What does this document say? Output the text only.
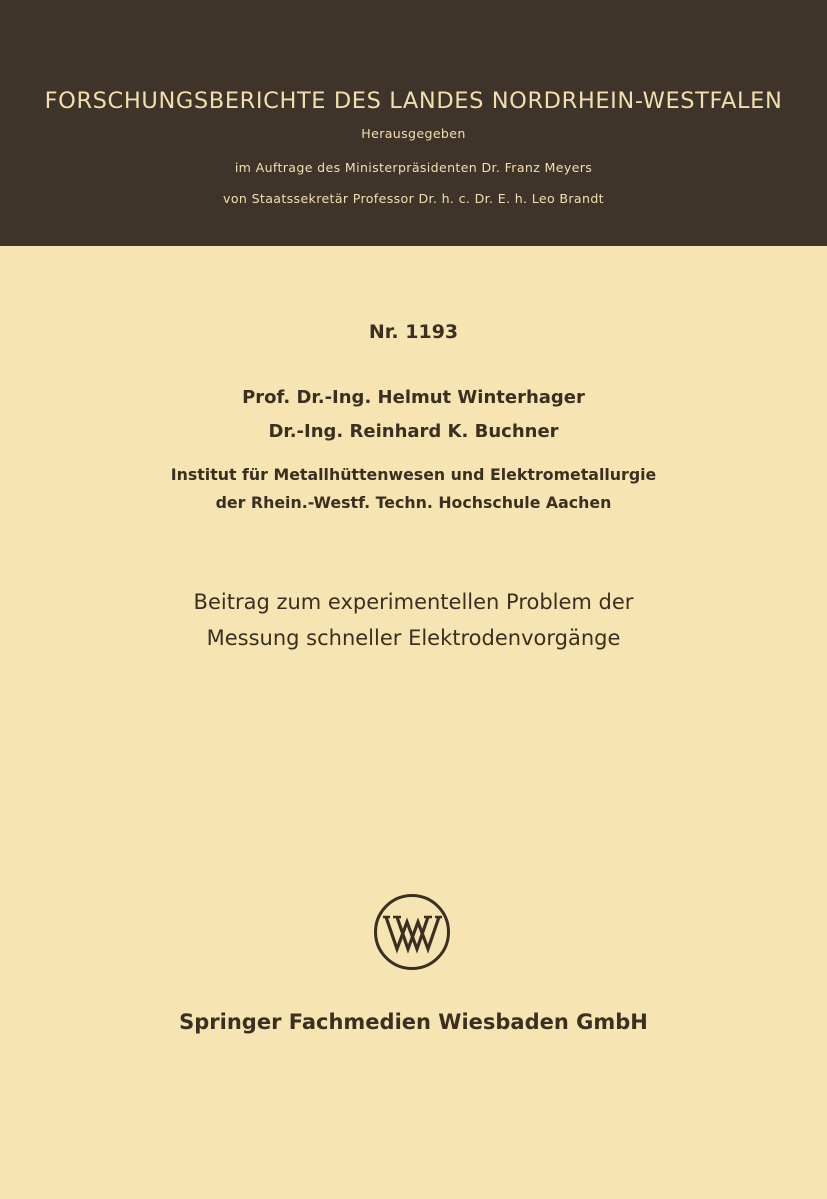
FORSCHUNGSBERICHTE DES LANDES NORDRHEIN-WESTFALEN
Herausgegeben
im Auftrage des Ministerpräsidenten Dr. Franz Meyers
von Staatssekretär Professor Dr. h. c. Dr. E. h. Leo Brandt
Nr. 1193
Prof. Dr.-Ing. Helmut Winterhager
Dr.-Ing. Reinhard K. Buchner
Institut für Metallhüttenwesen und Elektrometallurgie
der Rhein.-Westf. Techn. Hochschule Aachen
Beitrag zum experimentellen Problem der
Messung schneller Elektrodenvorgänge
Springer Fachmedien Wiesbaden GmbH
